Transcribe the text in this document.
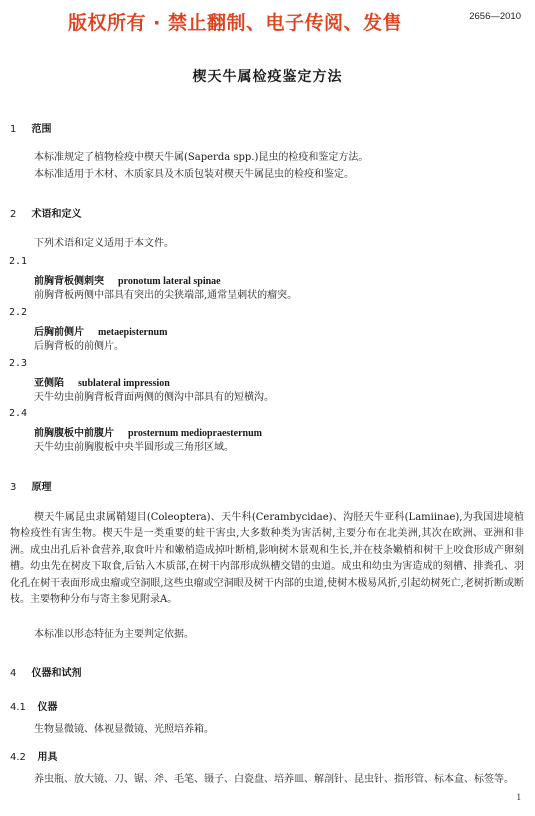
版权所有 · 禁止翻制、电子传阅、发售	2656—2010
楔天牛属检疫鉴定方法
1 范围
本标准规定了植物检疫中楔天牛属(Saperda spp.)昆虫的检疫和鉴定方法。
本标准适用于木材、木质家具及木质包装对楔天牛属昆虫的检疫和鉴定。
2 术语和定义
下列术语和定义适用于本文件。
2.1
前胸背板侧刺突 pronotum lateral spinae
前胸背板两侧中部具有突出的尖狭端部,通常呈刺状的瘤突。
2.2
后胸前侧片 metaepisternum
后胸背板的前侧片。
2.3
亚侧陷 sublateral impression
天牛幼虫前胸背板背面两侧的侧沟中部具有的短横沟。
2.4
前胸腹板中前腹片 prosternum mediopraesternum
天牛幼虫前胸腹板中央半圆形或三角形区域。
3 原理
楔天牛属昆虫隶属鞘翅目(Coleoptera)、天牛科(Cerambycidae)、沟胫天牛亚科(Lamiinae),为我国进境植物检疫性有害生物。楔天牛是一类重要的蛀干害虫,大多数种类为害活树,主要分布在北美洲,其次在欧洲、亚洲和非洲。成虫出孔后补食营养,取食叶片和嫩梢造成掉叶断梢,影响树木景观和生长,并在枝条嫩梢和树干上咬食形成产卵刻槽。幼虫先在树皮下取食,后钻入木质部,在树干内部形成纵槽交错的虫道。成虫和幼虫为害造成的刻槽、排粪孔、羽化孔在树干表面形成虫瘤或空洞眼,这些虫瘤或空洞眼及树干内部的虫道,使树木极易风折,引起幼树死亡,老树折断或断枝。主要物种分布与寄主参见附录A。
本标准以形态特征为主要判定依据。
4 仪器和试剂
4.1 仪器
生物显微镜、体视显微镜、光照培养箱。
4.2 用具
养虫瓶、放大镜、刀、锯、斧、毛笔、镊子、白瓷盘、培养皿、解剖针、昆虫针、指形管、标本盒、标签等。
1
